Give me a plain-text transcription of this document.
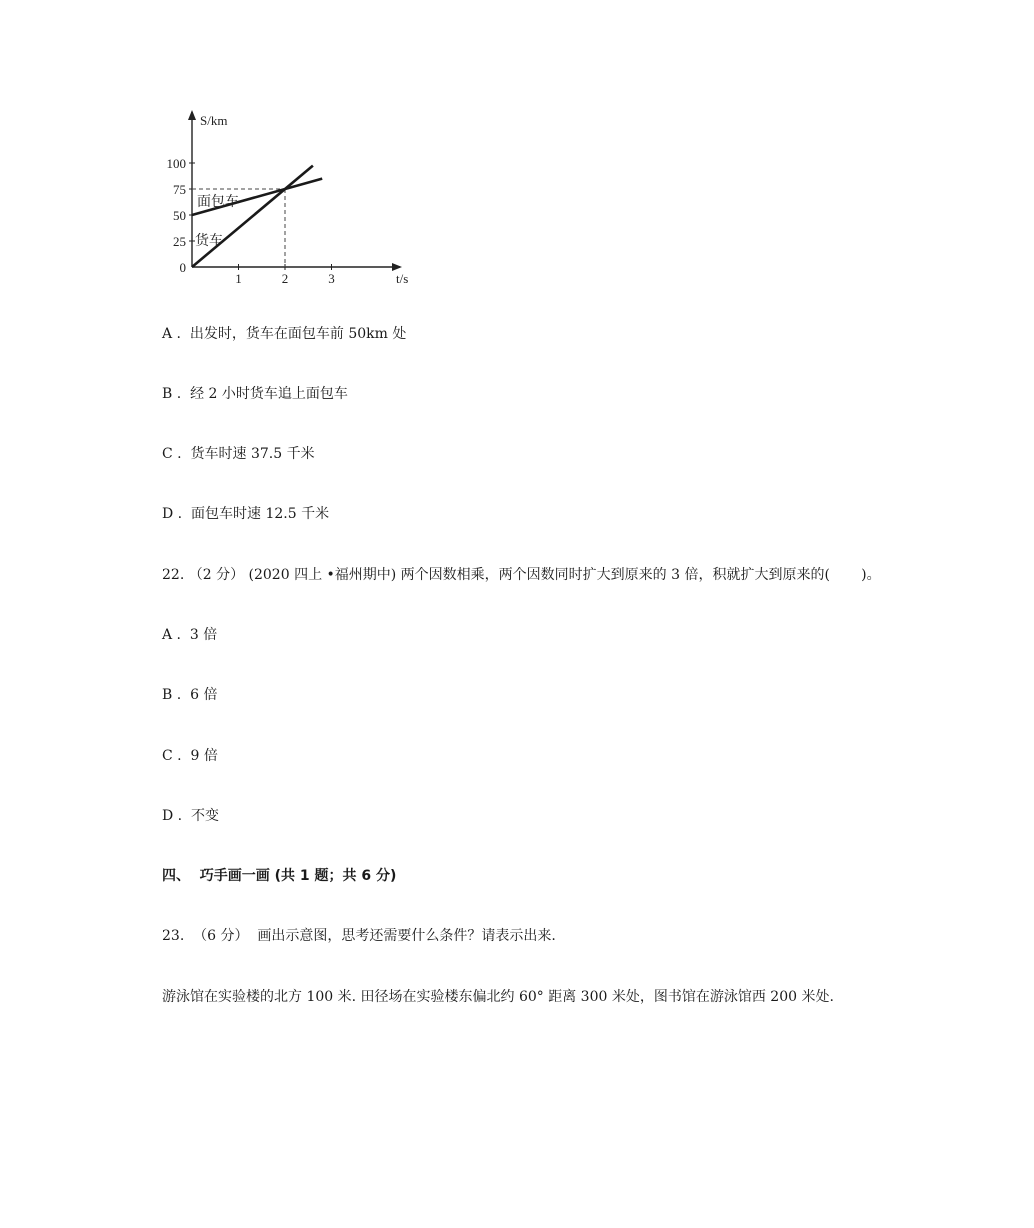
100
75
50
25
0
1	2	3
S/km
t/s
面包车
货车
A . 出发时，货车在面包车前 50km 处
B . 经 2 小时货车追上面包车
C . 货车时速 37.5 千米
D . 面包车时速 12.5 千米
22. （2 分） (2020 四上 •福州期中) 两个因数相乘，两个因数同时扩大到原来的 3 倍，积就扩大到原来的(       )。
A . 3 倍
B . 6 倍
C . 9 倍
D . 不变
四、  巧手画一画 (共 1 题；共 6 分)
23.  （6 分）  画出示意图，思考还需要什么条件？请表示出来.
游泳馆在实验楼的北方 100 米. 田径场在实验楼东偏北约 60° 距离 300 米处，图书馆在游泳馆西 200 米处.
